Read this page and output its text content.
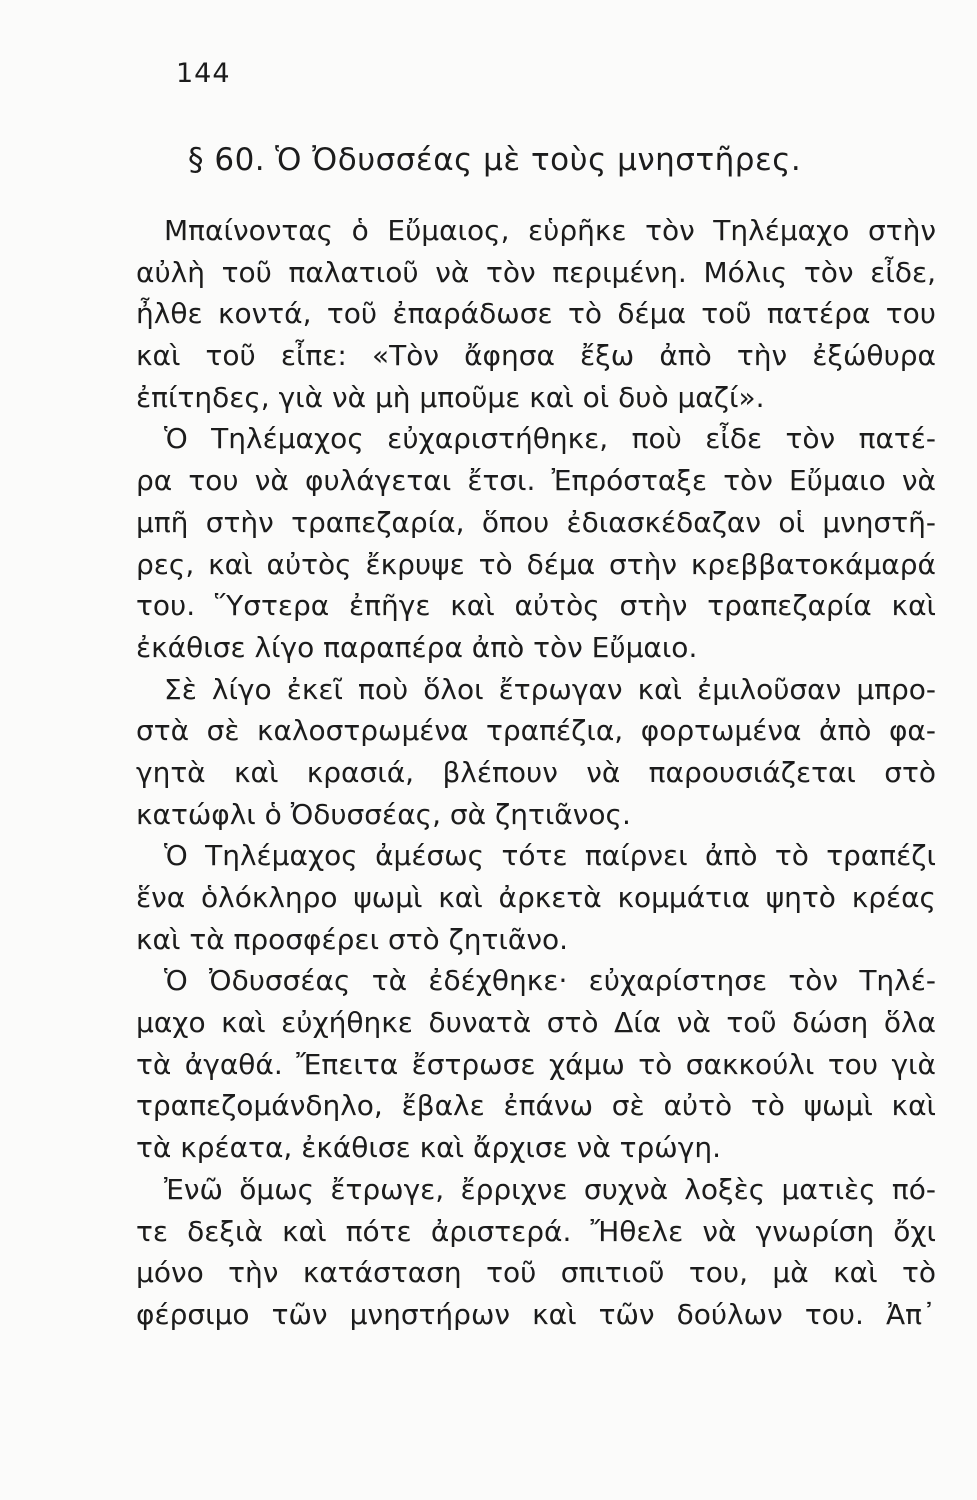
144
§ 60. Ὁ Ὀδυσσέας μὲ τοὺς μνηστῆρες.
Μπαίνοντας ὁ Εὔμαιος, εὑρῆκε τὸν Τηλέμαχο στὴν
αὐλὴ τοῦ παλατιοῦ νὰ τὸν περιμένη. Μόλις τὸν εἶδε,
ἦλθε κοντά, τοῦ ἐπαράδωσε τὸ δέμα τοῦ πατέρα του
καὶ τοῦ εἶπε: «Τὸν ἄφησα ἔξω ἀπὸ τὴν ἐξώθυρα
ἐπίτηδες, γιὰ νὰ μὴ μποῦμε καὶ οἱ δυὸ μαζί».
Ὁ Τηλέμαχος εὐχαριστήθηκε, ποὺ εἶδε τὸν πατέ-
ρα του νὰ φυλάγεται ἔτσι. Ἐπρόσταξε τὸν Εὔμαιο νὰ
μπῆ στὴν τραπεζαρία, ὅπου ἐδιασκέδαζαν οἱ μνηστῆ-
ρες, καὶ αὐτὸς ἔκρυψε τὸ δέμα στὴν κρεββατοκάμαρά
του. Ὕστερα ἐπῆγε καὶ αὐτὸς στὴν τραπεζαρία καὶ
ἐκάθισε λίγο παραπέρα ἀπὸ τὸν Εὔμαιο.
Σὲ λίγο ἐκεῖ ποὺ ὅλοι ἔτρωγαν καὶ ἐμιλοῦσαν μπρο-
στὰ σὲ καλοστρωμένα τραπέζια, φορτωμένα ἀπὸ φα-
γητὰ καὶ κρασιά, βλέπουν νὰ παρουσιάζεται στὸ
κατώφλι ὁ Ὀδυσσέας, σὰ ζητιᾶνος.
Ὁ Τηλέμαχος ἀμέσως τότε παίρνει ἀπὸ τὸ τραπέζι
ἕνα ὁλόκληρο ψωμὶ καὶ ἀρκετὰ κομμάτια ψητὸ κρέας
καὶ τὰ προσφέρει στὸ ζητιᾶνο.
Ὁ Ὀδυσσέας τὰ ἐδέχθηκε· εὐχαρίστησε τὸν Τηλέ-
μαχο καὶ εὐχήθηκε δυνατὰ στὸ Δία νὰ τοῦ δώση ὅλα
τὰ ἀγαθά. Ἔπειτα ἔστρωσε χάμω τὸ σακκούλι του γιὰ
τραπεζομάνδηλο, ἔβαλε ἐπάνω σὲ αὐτὸ τὸ ψωμὶ καὶ
τὰ κρέατα, ἐκάθισε καὶ ἄρχισε νὰ τρώγη.
Ἐνῶ ὅμως ἔτρωγε, ἔρριχνε συχνὰ λοξὲς ματιὲς πό-
τε δεξιὰ καὶ πότε ἀριστερά. Ἤθελε νὰ γνωρίση ὄχι
μόνο τὴν κατάσταση τοῦ σπιτιοῦ του, μὰ καὶ τὸ
φέρσιμο τῶν μνηστήρων καὶ τῶν δούλων του. Ἀπ᾽
